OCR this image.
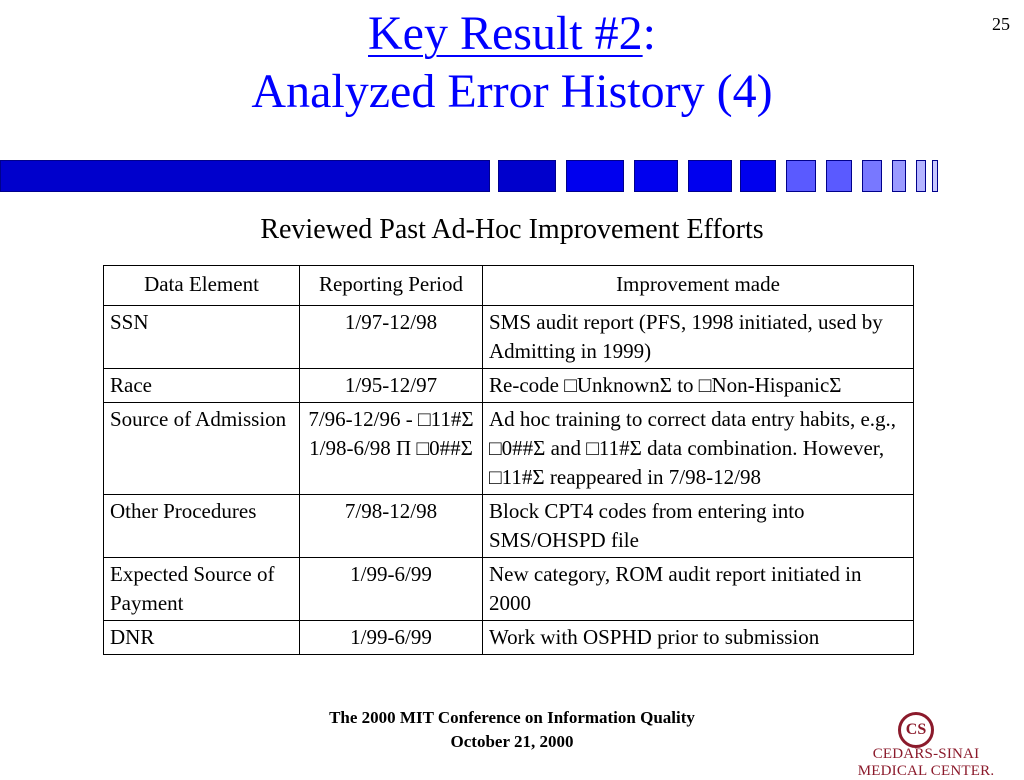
25
Key Result #2:
Analyzed Error History (4)
Reviewed Past Ad-Hoc Improvement Efforts
Data Element	Reporting Period	Improvement made
SSN	1/97-12/98	SMS audit report (PFS, 1998 initiated, used by Admitting in 1999)
Race	1/95-12/97	Re-code □UnknownΣ to □Non-HispanicΣ
Source of Admission	7/96-12/96 - □11#Σ 1/98-6/98 Π □0##Σ	Ad hoc training to correct data entry habits, e.g., □0##Σ and □11#Σ data combination. However, □11#Σ reappeared in 7/98-12/98
Other Procedures	7/98-12/98	Block CPT4 codes from entering into SMS/OHSPD file
Expected Source of Payment	1/99-6/99	New category, ROM audit report initiated in 2000
DNR	1/99-6/99	Work with OSPHD prior to submission
The 2000 MIT Conference on Information Quality
October 21, 2000
CS
CEDARS-SINAI MEDICAL CENTER.
